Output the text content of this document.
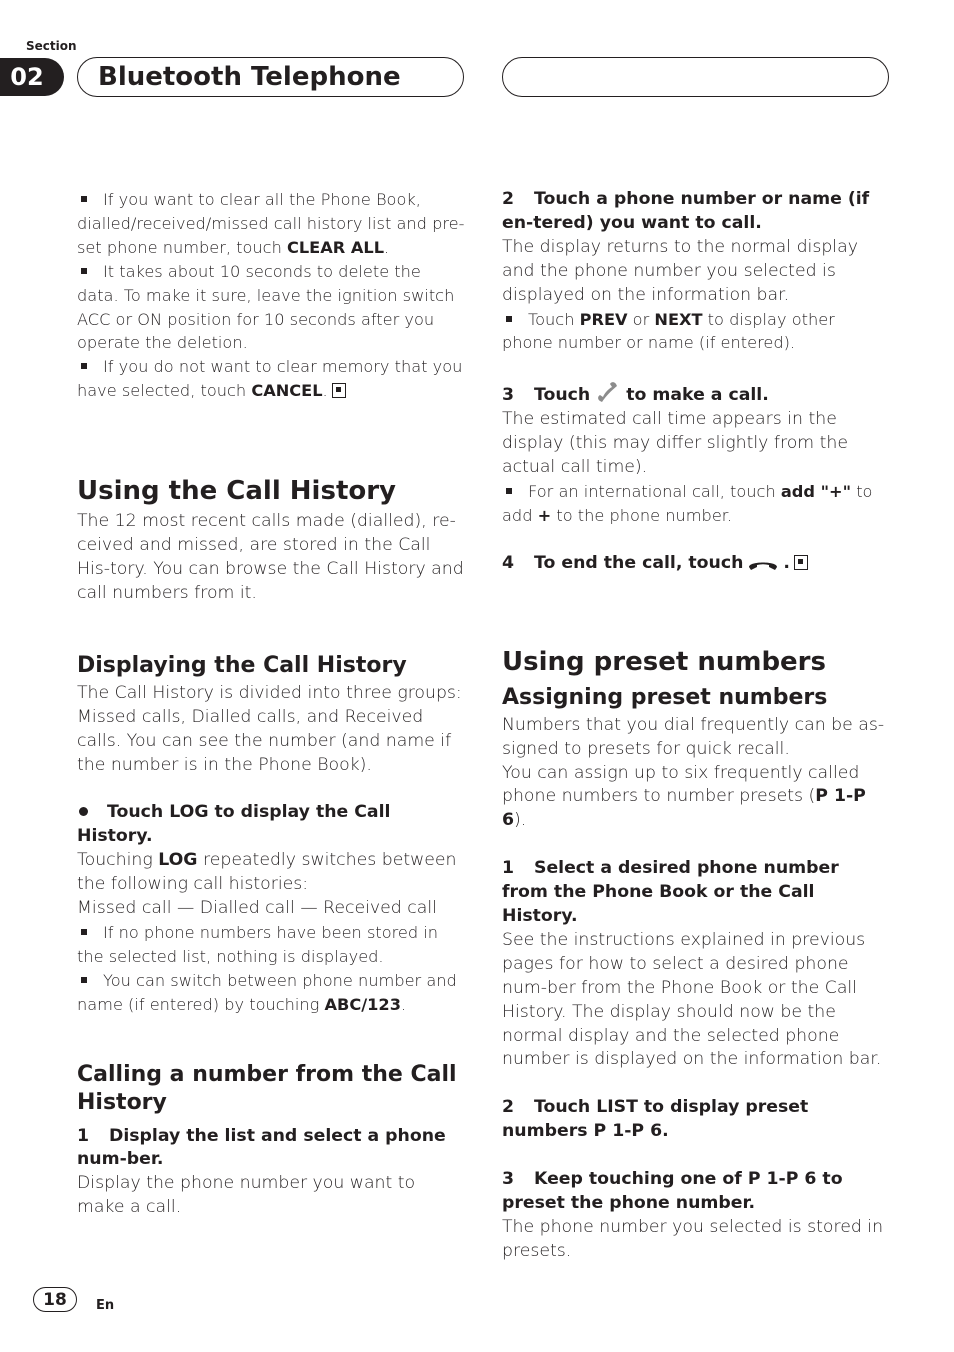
Section
02	Bluetooth Telephone

If you want to clear all the Phone Book, dialled/received/missed call history list and pre-set phone number, touch CLEAR ALL.

It takes about 10 seconds to delete the data. To make it sure, leave the ignition switch ACC or ON position for 10 seconds after you operate the deletion.

If you do not want to clear memory that you have selected, touch CANCEL.

Using the Call History

The 12 most recent calls made (dialled), re-ceived and missed, are stored in the Call His-tory. You can browse the Call History and call numbers from it.

Displaying the Call History

The Call History is divided into three groups: Missed calls, Dialled calls, and Received calls. You can see the number (and name if the number is in the Phone Book).

Touch LOG to display the Call History.

Touching LOG repeatedly switches between the following call histories:

Missed call — Dialled call — Received call

If no phone numbers have been stored in the selected list, nothing is displayed.

You can switch between phone number and name (if entered) by touching ABC/123.

Calling a number from the Call History

1 Display the list and select a phone num-ber.

Display the phone number you want to make a call.

2 Touch a phone number or name (if en-tered) you want to call.

The display returns to the normal display and the phone number you selected is displayed on the information bar.

Touch PREV or NEXT to display other phone number or name (if entered).

3 Touch to make a call.

The estimated call time appears in the display (this may differ slightly from the actual call time).

For an international call, touch add "+" to add + to the phone number.

4 To end the call, touch .

Using preset numbers
Assigning preset numbers

Numbers that you dial frequently can be as-signed to presets for quick recall.

You can assign up to six frequently called phone numbers to number presets (P 1-P 6).

1 Select a desired phone number from the Phone Book or the Call History.

See the instructions explained in previous pages for how to select a desired phone num-ber from the Phone Book or the Call History. The display should now be the normal display and the selected phone number is displayed on the information bar.

2 Touch LIST to display preset numbers P 1-P 6.

3 Keep touching one of P 1-P 6 to preset the phone number.

The phone number you selected is stored in presets.

18	En
